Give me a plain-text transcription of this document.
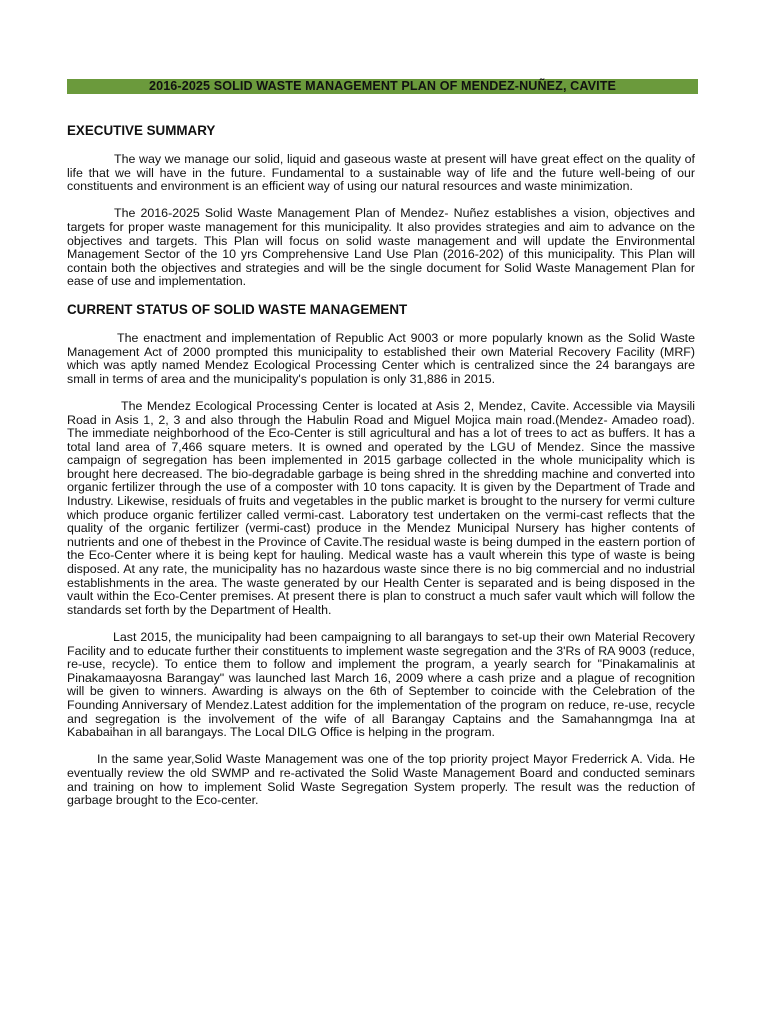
2016-2025 SOLID WASTE MANAGEMENT PLAN OF MENDEZ-NUÑEZ, CAVITE
EXECUTIVE SUMMARY

The way we manage our solid, liquid and gaseous waste at present will have great effect on the quality of life that we will have in the future. Fundamental to a sustainable way of life and the future well-being of our constituents and environment is an efficient way of using our natural resources and waste minimization.

The 2016-2025 Solid Waste Management Plan of Mendez- Nuñez establishes a vision, objectives and targets for proper waste management for this municipality. It also provides strategies and aim to advance on the objectives and targets. This Plan will focus on solid waste management and will update the Environmental Management Sector of the 10 yrs Comprehensive Land Use Plan (2016-202) of this municipality. This Plan will contain both the objectives and strategies and will be the single document for Solid Waste Management Plan for ease of use and implementation.

CURRENT STATUS OF SOLID WASTE MANAGEMENT

The enactment and implementation of Republic Act 9003 or more popularly known as the Solid Waste Management Act of 2000 prompted this municipality to established their own Material Recovery Facility (MRF) which was aptly named Mendez Ecological Processing Center which is centralized since the 24 barangays are small in terms of area and the municipality's population is only 31,886 in 2015.

The Mendez Ecological Processing Center is located at Asis 2, Mendez, Cavite. Accessible via Maysili Road in Asis 1, 2, 3 and also through the Habulin Road and Miguel Mojica main road.(Mendez- Amadeo road). The immediate neighborhood of the Eco-Center is still agricultural and has a lot of trees to act as buffers. It has a total land area of 7,466 square meters. It is owned and operated by the LGU of Mendez. Since the massive campaign of segregation has been implemented in 2015 garbage collected in the whole municipality which is brought here decreased. The bio-degradable garbage is being shred in the shredding machine and converted into organic fertilizer through the use of a composter with 10 tons capacity. It is given by the Department of Trade and Industry. Likewise, residuals of fruits and vegetables in the public market is brought to the nursery for vermi culture which produce organic fertilizer called vermi-cast. Laboratory test undertaken on the vermi-cast reflects that the quality of the organic fertilizer (vermi-cast) produce in the Mendez Municipal Nursery has higher contents of nutrients and one of thebest in the Province of Cavite.The residual waste is being dumped in the eastern portion of the Eco-Center where it is being kept for hauling. Medical waste has a vault wherein this type of waste is being disposed. At any rate, the municipality has no hazardous waste since there is no big commercial and no industrial establishments in the area. The waste generated by our Health Center is separated and is being disposed in the vault within the Eco-Center premises. At present there is plan to construct a much safer vault which will follow the standards set forth by the Department of Health.

Last 2015, the municipality had been campaigning to all barangays to set-up their own Material Recovery Facility and to educate further their constituents to implement waste segregation and the 3'Rs of RA 9003 (reduce, re-use, recycle). To entice them to follow and implement the program, a yearly search for "Pinakamalinis at Pinakamaayosna Barangay" was launched last March 16, 2009 where a cash prize and a plague of recognition will be given to winners. Awarding is always on the 6th of September to coincide with the Celebration of the Founding Anniversary of Mendez.Latest addition for the implementation of the program on reduce, re-use, recycle and segregation is the involvement of the wife of all Barangay Captains and the Samahanngmga Ina at Kababaihan in all barangays. The Local DILG Office is helping in the program.

In the same year,Solid Waste Management was one of the top priority project Mayor Frederrick A. Vida. He eventually review the old SWMP and re-activated the Solid Waste Management Board and conducted seminars and training on how to implement Solid Waste Segregation System properly. The result was the reduction of garbage brought to the Eco-center.
